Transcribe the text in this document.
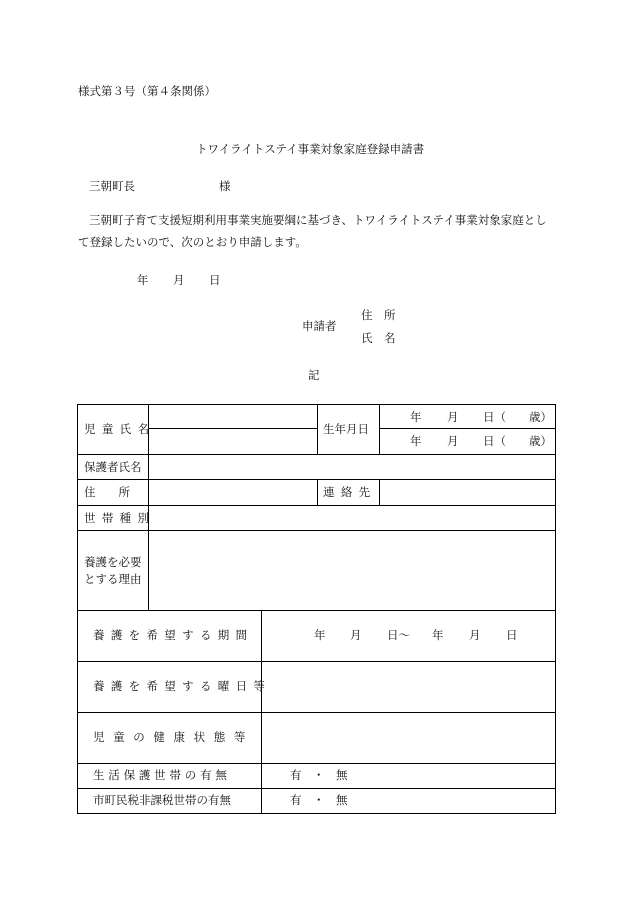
様式第３号（第４条関係）
トワイライトステイ事業対象家庭登録申請書
三朝町長	様
三朝町子育て支援短期利用事業実施要綱に基づき、トワイライトステイ事業対象家庭として登録したいので、次のとおり申請します。
年 月 日
申請者
住　所
氏　名
記
児童氏名	生年月日
年 月 日（ 歳）
年 月 日（ 歳）
保護者氏名
住　　所	連絡先
世帯種別
養護を必要
とする理由
養護を希望する期間	年 月 日〜 年 月 日
養護を希望する曜日等
児童の健康状態等
生活保護世帯の有無	有　・　無
市町民税非課税世帯の有無	有　・　無
